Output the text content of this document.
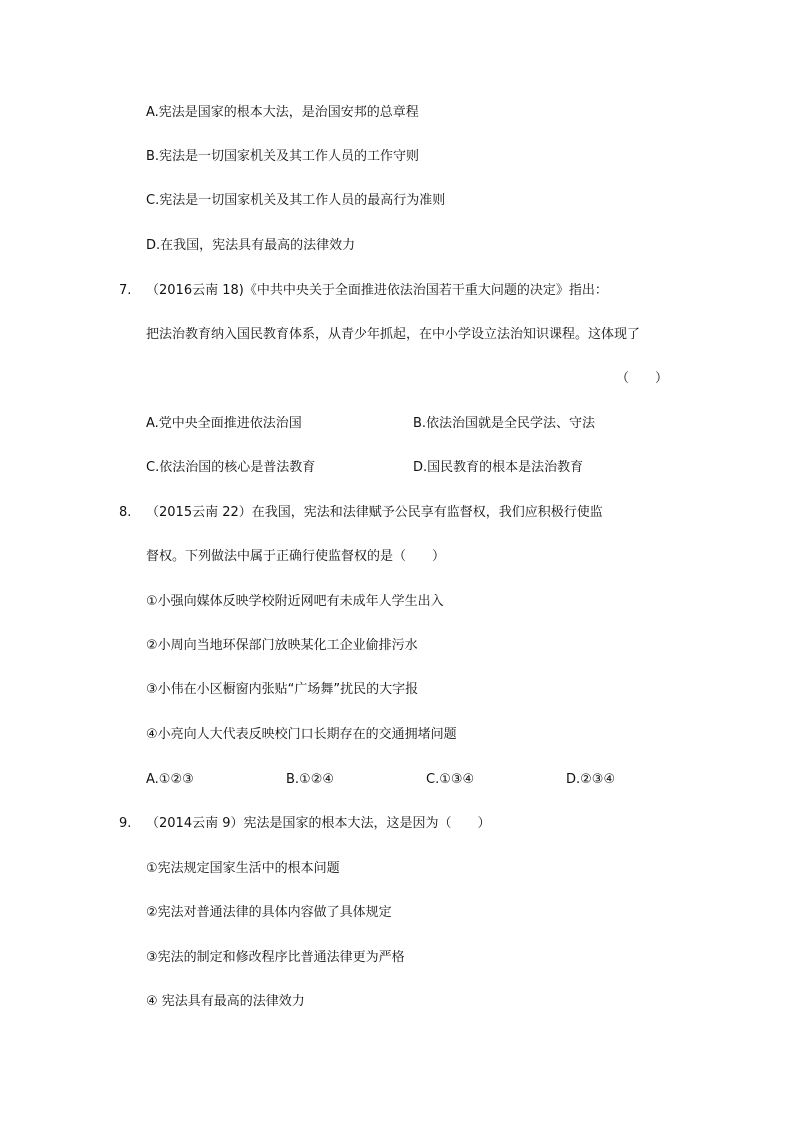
A.宪法是国家的根本大法，是治国安邦的总章程
B.宪法是一切国家机关及其工作人员的工作守则
C.宪法是一切国家机关及其工作人员的最高行为准则
D.在我国，宪法具有最高的法律效力
7. （2016云南 18)《中共中央关于全面推进依法治国若干重大问题的决定》指出：
把法治教育纳入国民教育体系，从青少年抓起，在中小学设立法治知识课程。这体现了
（　　）
A.党中央全面推进依法治国	B.依法治国就是全民学法、守法
C.依法治国的核心是普法教育	D.国民教育的根本是法治教育
8. （2015云南 22）在我国，宪法和法律赋予公民享有监督权，我们应积极行使监
督权。下列做法中属于正确行使监督权的是（　　）
①小强向媒体反映学校附近网吧有未成年人学生出入
②小周向当地环保部门放映某化工企业偷排污水
③小伟在小区橱窗内张贴“广场舞”扰民的大字报
④小亮向人大代表反映校门口长期存在的交通拥堵问题
A.①②③	B.①②④	C.①③④	D.②③④
9. （2014云南 9）宪法是国家的根本大法，这是因为（　　）
①宪法规定国家生活中的根本问题
②宪法对普通法律的具体内容做了具体规定
③宪法的制定和修改程序比普通法律更为严格
④ 宪法具有最高的法律效力
